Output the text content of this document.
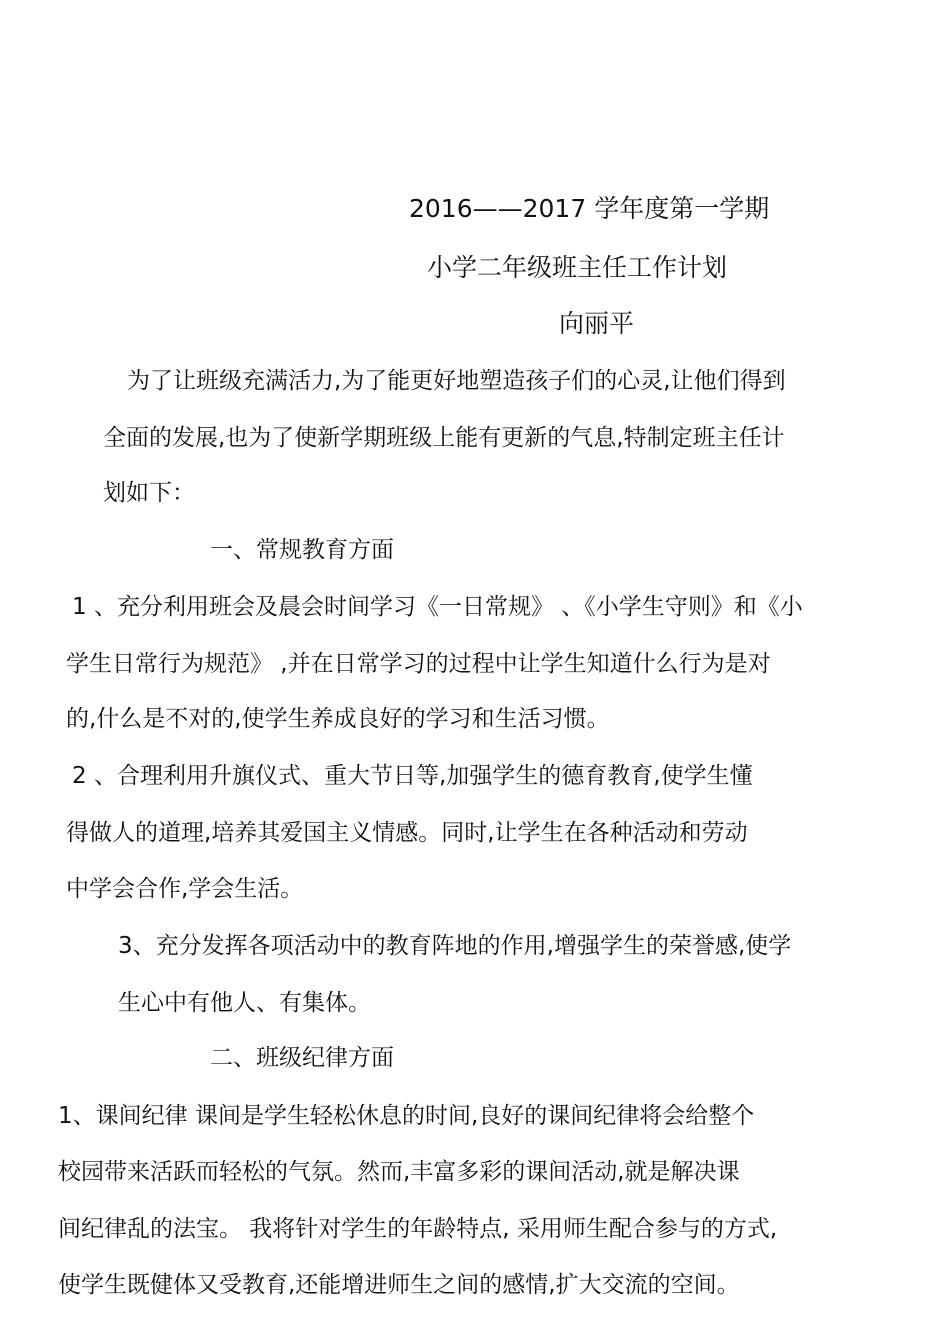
2016——2017 学年度第一学期
小学二年级班主任工作计划
向丽平
为了让班级充满活力,为了能更好地塑造孩子们的心灵,让他们得到
全面的发展,也为了使新学期班级上能有更新的气息,特制定班主任计
划如下：
一、常规教育方面
1 、充分利用班会及晨会时间学习《一日常规》 、《小学生守则》和《小
学生日常行为规范》 ,并在日常学习的过程中让学生知道什么行为是对
的,什么是不对的,使学生养成良好的学习和生活习惯。
2 、合理利用升旗仪式、重大节日等,加强学生的德育教育,使学生懂
得做人的道理,培养其爱国主义情感。同时,让学生在各种活动和劳动
中学会合作,学会生活。
3、充分发挥各项活动中的教育阵地的作用,增强学生的荣誉感,使学
生心中有他人、有集体。
二、班级纪律方面
1、课间纪律 课间是学生轻松休息的时间,良好的课间纪律将会给整个
校园带来活跃而轻松的气氛。然而,丰富多彩的课间活动,就是解决课
间纪律乱的法宝。 我将针对学生的年龄特点, 采用师生配合参与的方式,
使学生既健体又受教育,还能增进师生之间的感情,扩大交流的空间。
